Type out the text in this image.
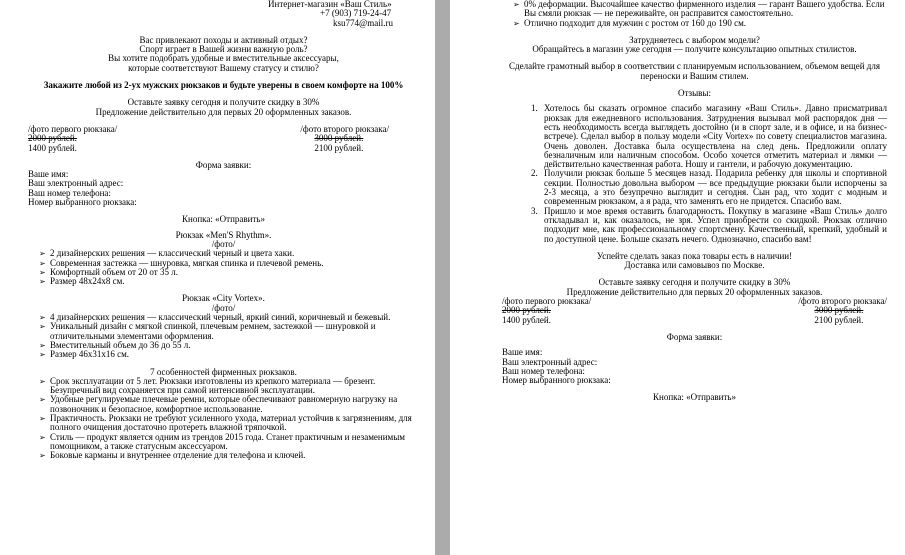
Интернет-магазин «Ваш Стиль»

+7 (903) 719-24-47

ksu774@mail.ru

Вас привлекают походы и активный отдых?

Спорт играет в Вашей жизни важную роль?

Вы хотите подобрать удобные и вместительные аксессуары,

которые соответствуют Вашему статусу и стилю?

Закажите любой из 2-ух мужских рюкзаков и будьте уверены в своем комфорте на 100%

Оставьте заявку сегодня и получите скидку в 30%

Предложение действительно для первых 20 оформленных заказов.

/фото первого рюкзака/
2000 рублей.
1400 рублей.
/фото второго рюкзака/
3000 рублей.
2100 рублей.

Форма заявки:

Ваше имя:

Ваш электронный адрес:

Ваш номер телефона:

Номер выбранного рюкзака:

Кнопка: «Отправить»

Рюкзак «Men'S Rhythm».

/фото/

➢ 2 дизайнерских решения — классический черный и цвета хаки.
➢ Современная застежка — шнуровка, мягкая спинка и плечевой ремень.
➢ Комфортный объем от 20 от 35 л.
➢ Размер 48х24х8 см.

Рюкзак «City Vortex».

/фото/

➢ 4 дизайнерских решения — классический черный, яркий синий, коричневый и бежевый.
➢ Уникальный дизайн с мягкой спинкой, плечевым ремнем, застежкой — шнуровкой и отличительными элементами оформления.
➢ Вместительный объем до 36 до 55 л.
➢ Размер 46х31х16 см.

7 особенностей фирменных рюкзаков.

➢ Срок эксплуатации от 5 лет. Рюкзаки изготовлены из крепкого материала — брезент. Безупречный вид сохраняется при самой интенсивной эксплуатации.
➢ Удобные регулируемые плечевые ремни, которые обеспечивают равномерную нагрузку на позвоночник и безопасное, комфортное использование.
➢ Практичность. Рюкзаки не требуют усиленного ухода, материал устойчив к загрязнениям, для полного очищения достаточно протереть влажной тряпочкой.
➢ Стиль — продукт является одним из трендов 2015 года. Станет практичным и незаменимым помощником, а также статусным аксессуаром.
➢ Боковые карманы и внутреннее отделение для телефона и ключей.
➢ 0% деформации. Высочайшее качество фирменного изделия — гарант Вашего удобства. Если Вы смяли рюкзак — не переживайте, он расправится самостоятельно.
➢ Отлично подходит для мужчин с ростом от 160 до 190 см.

Затрудняетесь с выбором модели?

Обращайтесь в магазин уже сегодня — получите консультацию опытных стилистов.

Сделайте грамотный выбор в соответствии с планируемым использованием, объемом вещей для переноски и Вашим стилем.

Отзывы:

1. Хотелось бы сказать огромное спасибо магазину «Ваш Стиль». Давно присматривал рюкзак для ежедневного использования. Затруднения вызывал мой распорядок дня — есть необходимость всегда выглядеть достойно (и в спорт зале, и в офисе, и на бизнес-встрече). Сделал выбор в пользу модели «City Vortex» по совету специалистов магазина. Очень доволен. Доставка была осуществлена на след день. Предложили оплату безналичным или наличным способом. Особо хочется отметить материал и лямки — действительно качественная работа. Ношу и гантели, и рабочую документацию.
2. Получили рюкзак больше 5 месяцев назад. Подарила ребенку для школы и спортивной секции. Полностью довольна выбором — все предыдущие рюкзаки были испорчены за 2-3 месяца, а это безупречно выглядит и сегодня. Сын рад, что ходит с модным и современным рюкзаком, а я рада, что заменять его не придется. Спасибо вам.
3. Пришло и мое время оставить благодарность. Покупку в магазине «Ваш Стиль» долго откладывал и, как оказалось, не зря. Успел приобрести со скидкой. Рюкзак отлично подходит мне, как профессиональному спортсмену. Качественный, крепкий, удобный и по доступной цене. Больше сказать нечего. Однозначно, спасибо вам!

Успейте сделать заказ пока товары есть в наличии!

Доставка или самовывоз по Москве.

Оставьте заявку сегодня и получите скидку в 30%

Предложение действительно для первых 20 оформленных заказов.

/фото первого рюкзака/
2000 рублей.
1400 рублей.
/фото второго рюкзака/
3000 рублей.
2100 рублей.

Форма заявки:

Ваше имя:

Ваш электронный адрес:

Ваш номер телефона:

Номер выбранного рюкзака:

Кнопка: «Отправить»
